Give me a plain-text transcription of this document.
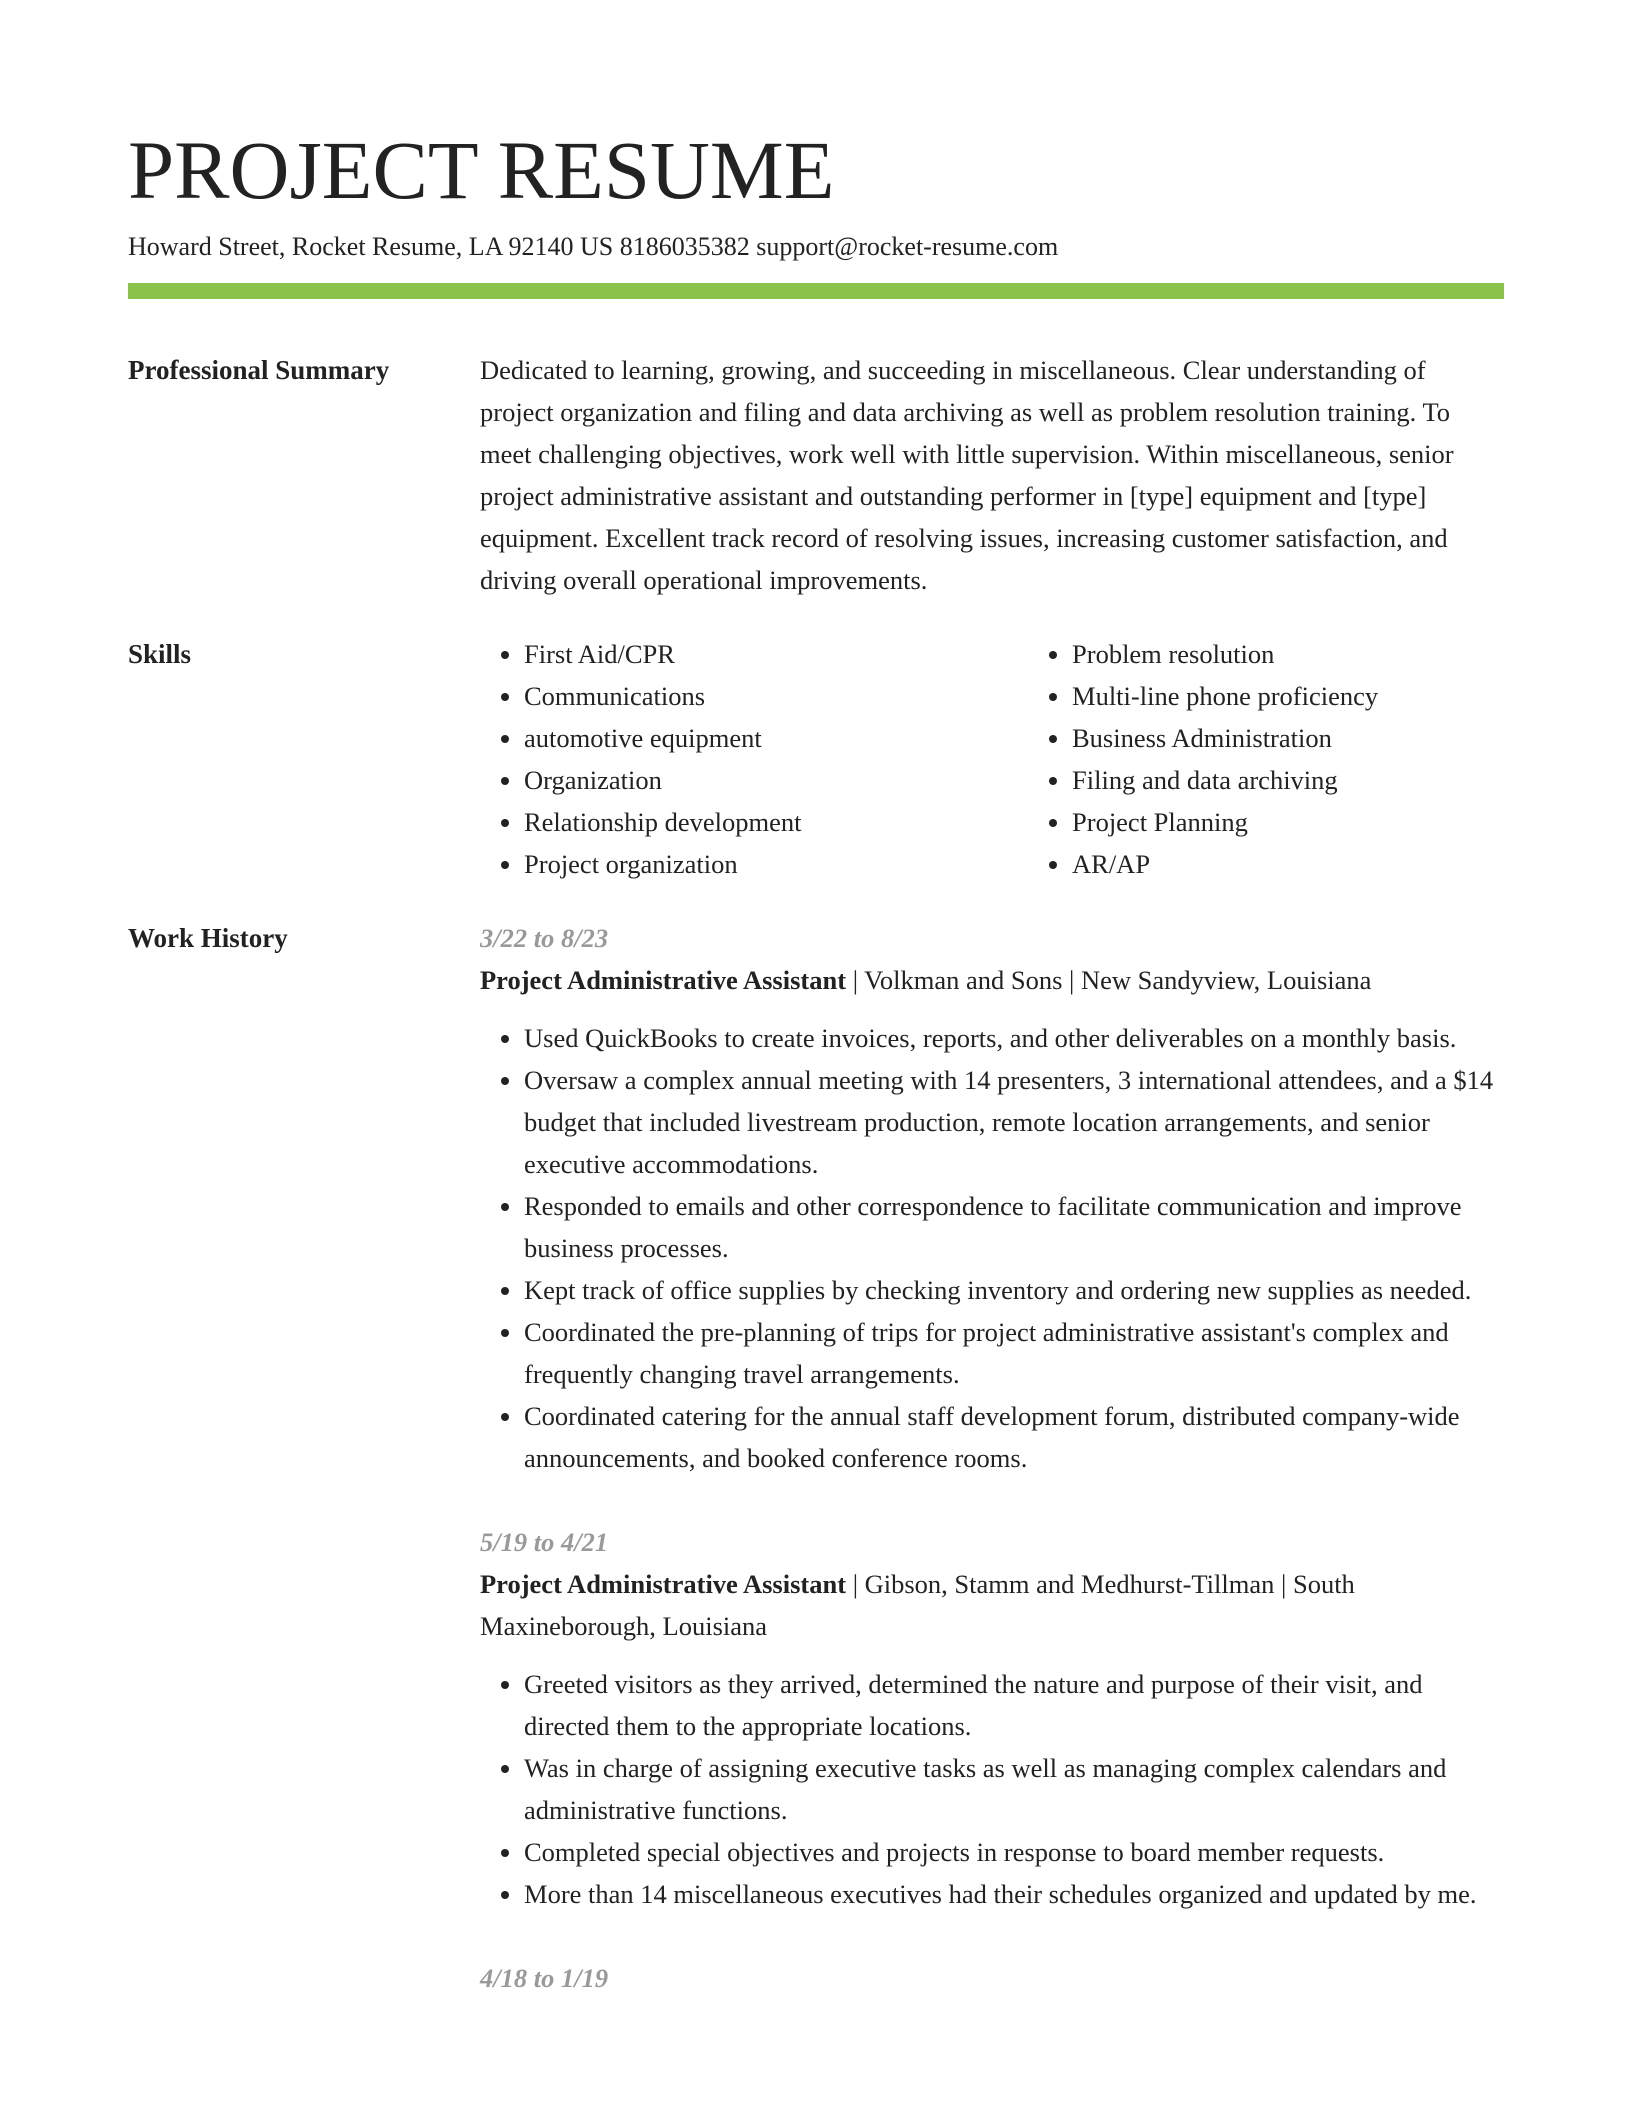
PROJECT RESUME
Howard Street, Rocket Resume, LA 92140 US 8186035382 support@rocket-resume.com
Professional Summary	Dedicated to learning, growing, and succeeding in miscellaneous. Clear understanding of project organization and filing and data archiving as well as problem resolution training. To meet challenging objectives, work well with little supervision. Within miscellaneous, senior project administrative assistant and outstanding performer in [type] equipment and [type] equipment. Excellent track record of resolving issues, increasing customer satisfaction, and driving overall operational improvements.
Skills
•	First Aid/CPR
• Communications
• automotive equipment
• Organization
• Relationship development
• Project organization
• Problem resolution
• Multi-line phone proficiency
• Business Administration
• Filing and data archiving
• Project Planning
• AR/AP
Work History	3/22 to 8/23
Project Administrative Assistant | Volkman and Sons | New Sandyview, Louisiana
• Used QuickBooks to create invoices, reports, and other deliverables on a monthly basis.
• Oversaw a complex annual meeting with 14 presenters, 3 international attendees, and a $14 budget that included livestream production, remote location arrangements, and senior executive accommodations.
• Responded to emails and other correspondence to facilitate communication and improve business processes.
• Kept track of office supplies by checking inventory and ordering new supplies as needed.
• Coordinated the pre-planning of trips for project administrative assistant's complex and frequently changing travel arrangements.
• Coordinated catering for the annual staff development forum, distributed company-wide announcements, and booked conference rooms.
5/19 to 4/21
Project Administrative Assistant | Gibson, Stamm and Medhurst-Tillman | South Maxineborough, Louisiana
• Greeted visitors as they arrived, determined the nature and purpose of their visit, and directed them to the appropriate locations.
• Was in charge of assigning executive tasks as well as managing complex calendars and administrative functions.
• Completed special objectives and projects in response to board member requests.
• More than 14 miscellaneous executives had their schedules organized and updated by me.
4/18 to 1/19
